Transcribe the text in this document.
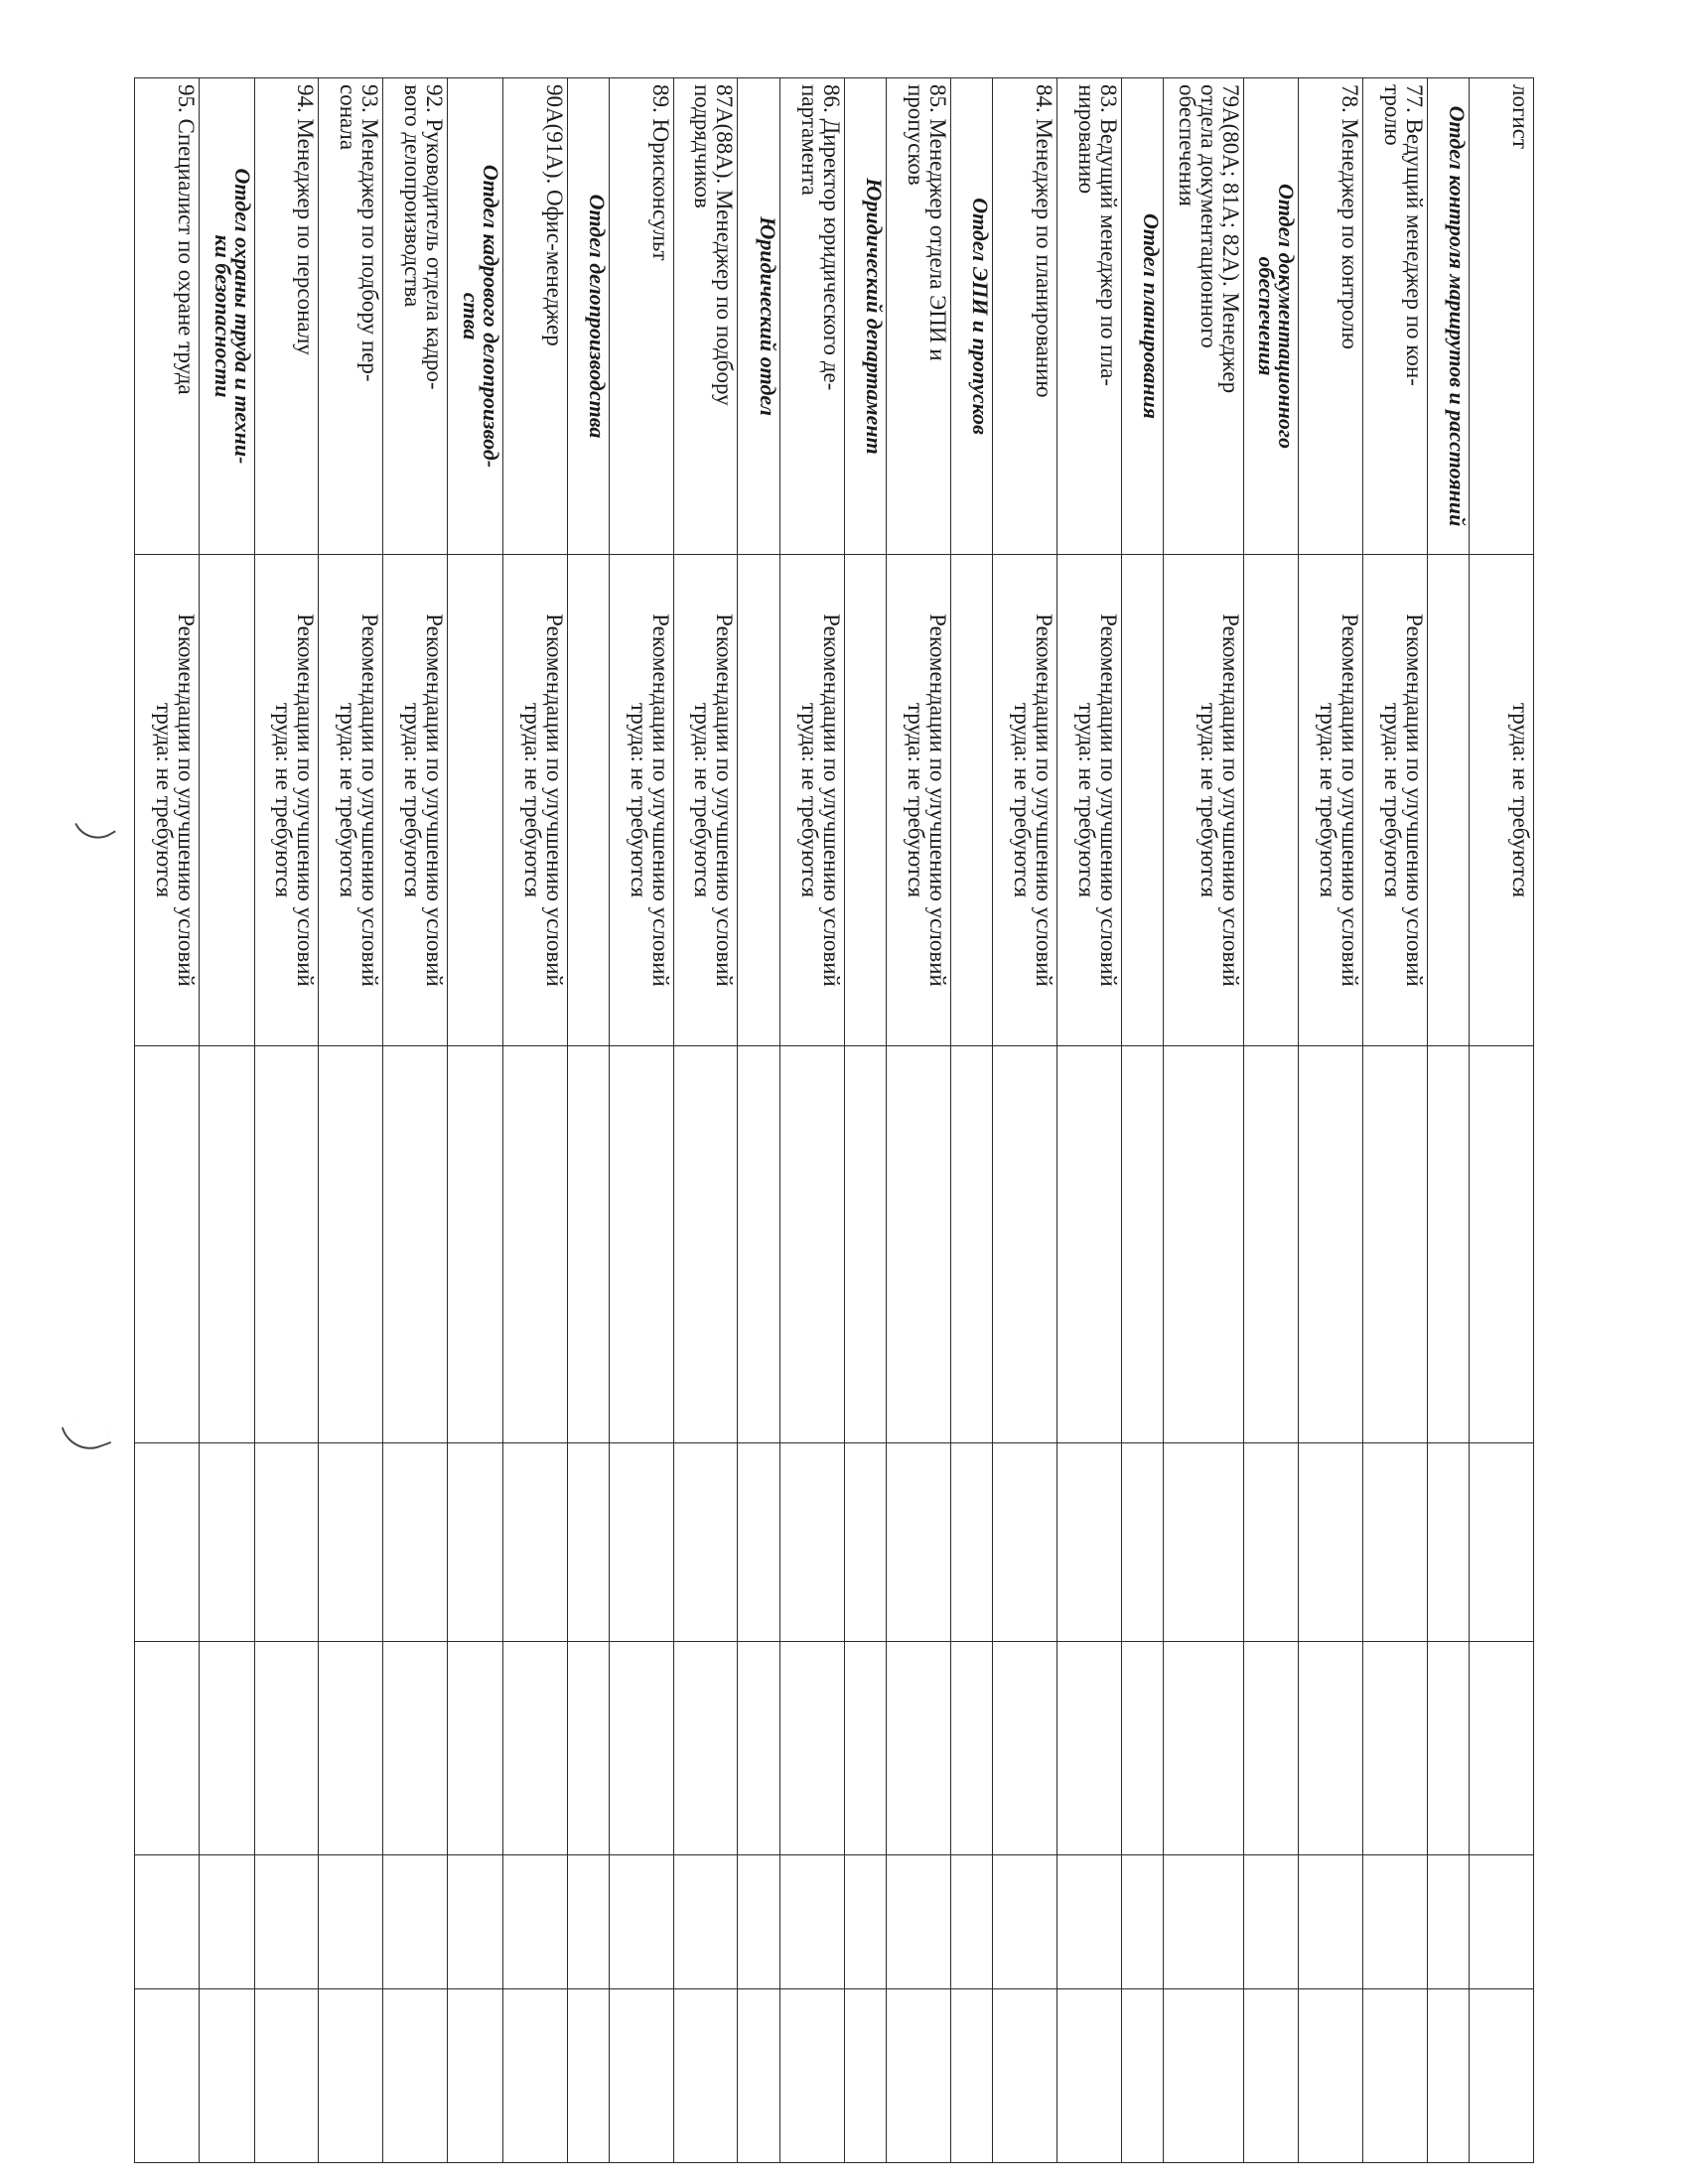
логист	труда: не требуются					
Отдел контроля маршрутов и расстояний						
77. Ведущий менеджер по кон-
тролю	Рекомендации по улучшению условий
труда: не требуются					
78. Менеджер по контролю	Рекомендации по улучшению условий
труда: не требуются					
Отдел документационного
обеспечения						
79А(80А; 81А; 82А). Менеджер
отдела документационного
обеспечения	Рекомендации по улучшению условий
труда: не требуются					
Отдел планирования						
83. Ведущий менеджер по пла-
нированию	Рекомендации по улучшению условий
труда: не требуются					
84. Менеджер по планированию	Рекомендации по улучшению условий
труда: не требуются					
Отдел ЭПИ и пропусков						
85. Менеджер отдела ЭПИ и
пропусков	Рекомендации по улучшению условий
труда: не требуются					
Юридический департамент						
86. Директор юридического де-
партамента	Рекомендации по улучшению условий
труда: не требуются					
Юридический отдел						
87А(88А). Менеджер по подбору
подрядчиков	Рекомендации по улучшению условий
труда: не требуются					
89. Юрисконсульт	Рекомендации по улучшению условий
труда: не требуются					
Отдел делопроизводства						
90А(91А). Офис-менеджер	Рекомендации по улучшению условий
труда: не требуются					
Отдел кадрового делопроизвод-
ства						
92. Руководитель отдела кадро-
вого делопроизводства	Рекомендации по улучшению условий
труда: не требуются					
93. Менеджер по подбору пер-
сонала	Рекомендации по улучшению условий
труда: не требуются					
94. Менеджер по персоналу	Рекомендации по улучшению условий
труда: не требуются					
Отдел охраны труда и техни-
ки безопасности						
95. Специалист по охране труда	Рекомендации по улучшению условий
труда: не требуются					
